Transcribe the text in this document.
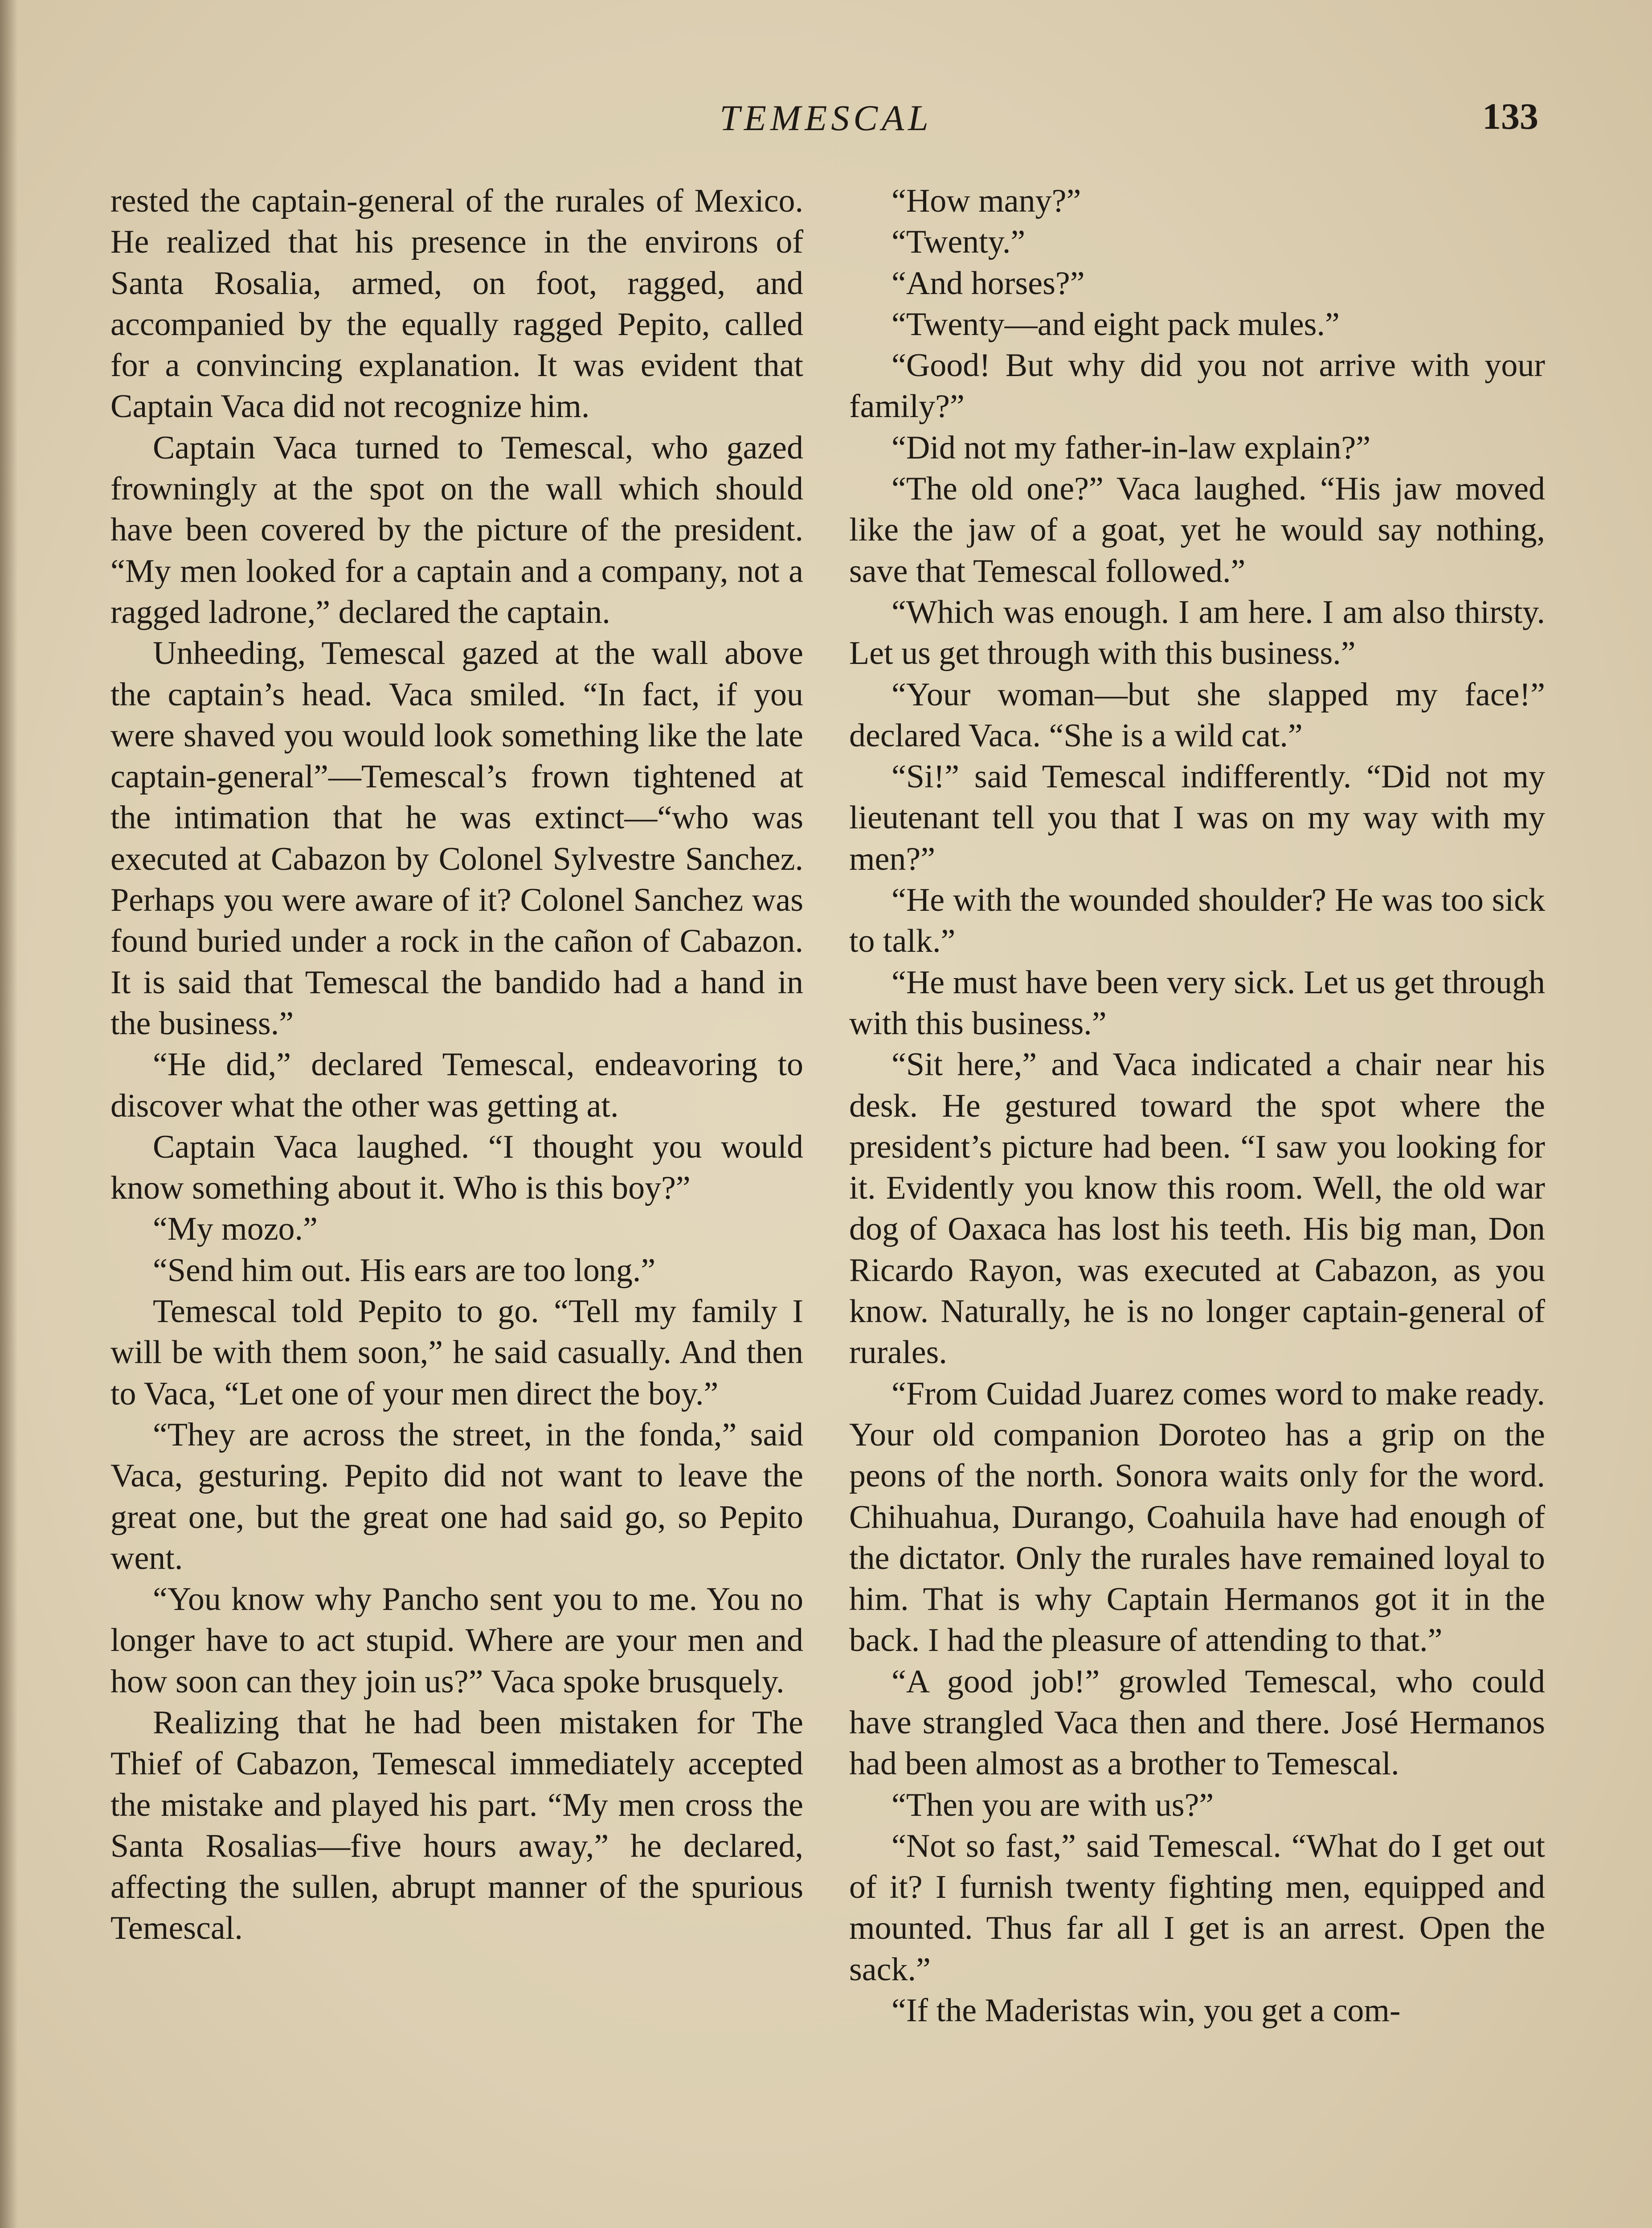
TEMESCAL	133

rested the captain-general of the rurales of Mexico. He realized that his presence in the environs of Santa Rosalia, armed, on foot, ragged, and accompanied by the equally ragged Pepito, called for a convincing explanation. It was evident that Captain Vaca did not recognize him.

Captain Vaca turned to Temescal, who gazed frowningly at the spot on the wall which should have been covered by the picture of the president. “My men looked for a captain and a company, not a ragged ladrone,” declared the captain.

Unheeding, Temescal gazed at the wall above the captain’s head. Vaca smiled. “In fact, if you were shaved you would look something like the late captain-general”—Temescal’s frown tightened at the intimation that he was extinct—“who was executed at Cabazon by Colonel Sylvestre Sanchez. Perhaps you were aware of it? Colonel Sanchez was found buried under a rock in the cañon of Cabazon. It is said that Temescal the bandido had a hand in the business.”

“He did,” declared Temescal, endeavoring to discover what the other was getting at.

Captain Vaca laughed. “I thought you would know something about it. Who is this boy?”

“My mozo.”

“Send him out. His ears are too long.”

Temescal told Pepito to go. “Tell my family I will be with them soon,” he said casually. And then to Vaca, “Let one of your men direct the boy.”

“They are across the street, in the fonda,” said Vaca, gesturing. Pepito did not want to leave the great one, but the great one had said go, so Pepito went.

“You know why Pancho sent you to me. You no longer have to act stupid. Where are your men and how soon can they join us?” Vaca spoke brusquely.

Realizing that he had been mistaken for The Thief of Cabazon, Temescal immediately accepted the mistake and played his part. “My men cross the Santa Rosalias—five hours away,” he declared, affecting the sullen, abrupt manner of the spurious Temescal.

“How many?”

“Twenty.”

“And horses?”

“Twenty—and eight pack mules.”

“Good! But why did you not arrive with your family?”

“Did not my father-in-law explain?”

“The old one?” Vaca laughed. “His jaw moved like the jaw of a goat, yet he would say nothing, save that Temescal followed.”

“Which was enough. I am here. I am also thirsty. Let us get through with this business.”

“Your woman—but she slapped my face!” declared Vaca. “She is a wild cat.”

“Si!” said Temescal indifferently. “Did not my lieutenant tell you that I was on my way with my men?”

“He with the wounded shoulder? He was too sick to talk.”

“He must have been very sick. Let us get through with this business.”

“Sit here,” and Vaca indicated a chair near his desk. He gestured toward the spot where the president’s picture had been. “I saw you looking for it. Evidently you know this room. Well, the old war dog of Oaxaca has lost his teeth. His big man, Don Ricardo Rayon, was executed at Cabazon, as you know. Naturally, he is no longer captain-general of rurales.

“From Cuidad Juarez comes word to make ready. Your old companion Doroteo has a grip on the peons of the north. Sonora waits only for the word. Chihuahua, Durango, Coahuila have had enough of the dictator. Only the rurales have remained loyal to him. That is why Captain Hermanos got it in the back. I had the pleasure of attending to that.”

“A good job!” growled Temescal, who could have strangled Vaca then and there. José Hermanos had been almost as a brother to Temescal.

“Then you are with us?”

“Not so fast,” said Temescal. “What do I get out of it? I furnish twenty fighting men, equipped and mounted. Thus far all I get is an arrest. Open the sack.”

“If the Maderistas win, you get a com-
